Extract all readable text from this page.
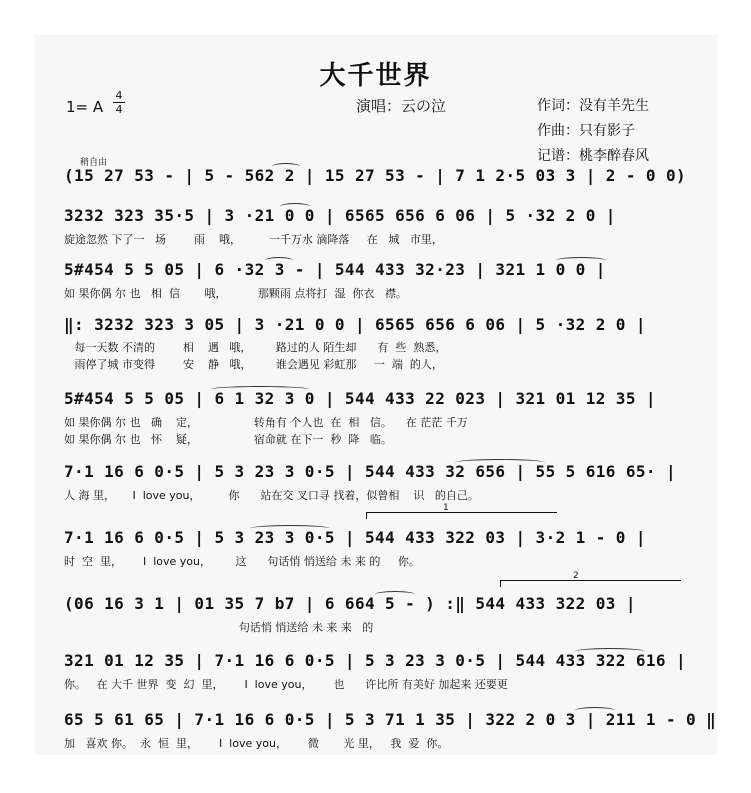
大千世界
1= A
4
4	演唱：云の泣	作词：没有羊先生
作曲：只有影子
记谱：桃李醉春风
稍自由
(15 27 53 - | 5 - 562 2 | 15 27 53 - | 7 1 2·5 03 3 | 2 - 0 0)
3232 323 35·5 | 3 ·21 0 0 | 6565 656 6 06 | 5 ·32 2 0 |
旋途忽然 下了一   场        雨    哦，        一千万水 滴降落     在   城   市里，
5#454 5 5 05 | 6 ·32 3 - | 544 433 32·23 | 321 1 0 0 |
如 果你偶 尔 也   相  信       哦，         那颗雨 点将打  湿  你衣   襟。
‖: 3232 323 3 05 | 3 ·21 0 0 | 6565 656 6 06 | 5 ·32 2 0 |
每一天数 不清的        相    遇   哦，       路过的人 陌生却      有  些  熟悉，
雨停了城 市变得        安    静   哦，       谁会遇见 彩虹那     一  端  的人，
5#454 5 5 05 | 6 1 32 3 0 | 544 433 22 023 | 321 01 12 35 |
如 果你偶 尔 也   确    定，                转角有 个人也  在  相   信。    在 茫茫 千万
如 果你偶 尔 也   怀    疑，                宿命就 在下一  秒  降   临。
7·1 16 6 0·5 | 5 3 23 3 0·5 | 544 433 32 656 | 55 5 616 65· |
人 海 里，     I  love you，        你      站在交 叉口寻 找着，似曾相    识   的自己。
1
7·1 16 6 0·5 | 5 3 23 3 0·5 | 544 433 322 03 | 3·2 1 - 0 |
时  空  里，      I  love you，       这      句话悄 悄送给 未 来 的     你。
2
(06 16 3 1 | 01 35 7 b7 | 6 664 5 - ) :‖ 544 433 322 03 |
句话悄 悄送给 未 来 来   的
321 01 12 35 | 7·1 16 6 0·5 | 5 3 23 3 0·5 | 544 433 322 616 |
你。   在 大千 世界  变  幻  里，      I  love you，      也      许比所 有美好 加起来 还要更
65 5 61 65 | 7·1 16 6 0·5 | 5 3 71 1 35 | 322 2 0 3 | 211 1 - 0 ‖
加   喜欢 你。  永  恒  里，      I  love you，      微       光 里，   我  爱  你。
